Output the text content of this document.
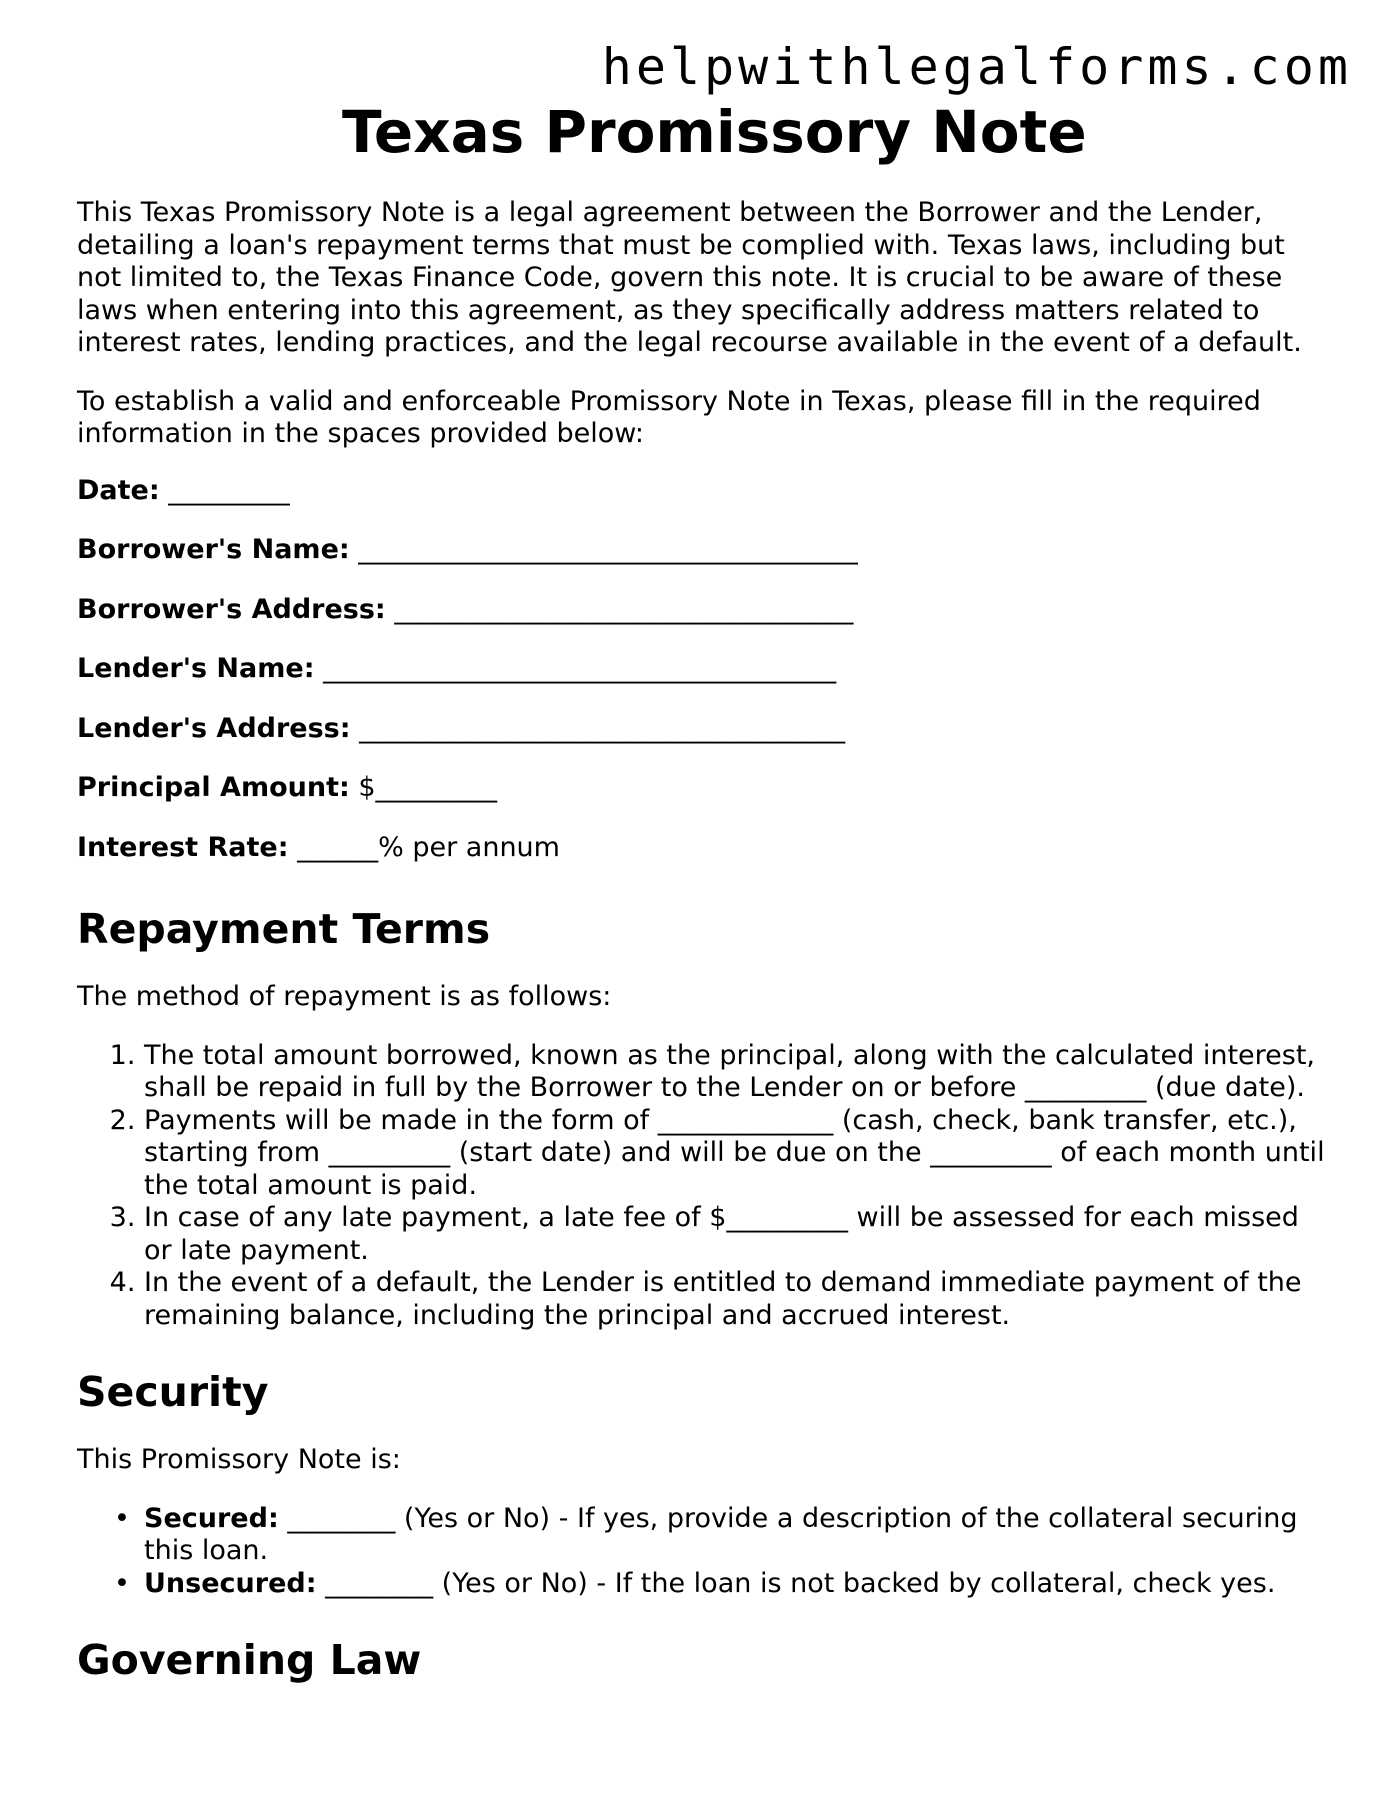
helpwithlegalforms.com
Texas Promissory Note

This Texas Promissory Note is a legal agreement between the Borrower and the Lender, detailing a loan's repayment terms that must be complied with. Texas laws, including but not limited to, the Texas Finance Code, govern this note. It is crucial to be aware of these laws when entering into this agreement, as they specifically address matters related to interest rates, lending practices, and the legal recourse available in the event of a default.

To establish a valid and enforceable Promissory Note in Texas, please fill in the required information in the spaces provided below:

Date: _________
Borrower's Name: _____________________________________
Borrower's Address: __________________________________
Lender's Name: ______________________________________
Lender's Address: ____________________________________
Principal Amount: $_________
Interest Rate: ______% per annum
Repayment Terms

The method of repayment is as follows:

1. The total amount borrowed, known as the principal, along with the calculated interest, shall be repaid in full by the Borrower to the Lender on or before _________ (due date).
2. Payments will be made in the form of _____________ (cash, check, bank transfer, etc.), starting from _________ (start date) and will be due on the _________ of each month until the total amount is paid.
3. In case of any late payment, a late fee of $_________ will be assessed for each missed or late payment.
4. In the event of a default, the Lender is entitled to demand immediate payment of the remaining balance, including the principal and accrued interest.
Security

This Promissory Note is:

• Secured: ________ (Yes or No) - If yes, provide a description of the collateral securing this loan.
• Unsecured: ________ (Yes or No) - If the loan is not backed by collateral, check yes.
Governing Law
